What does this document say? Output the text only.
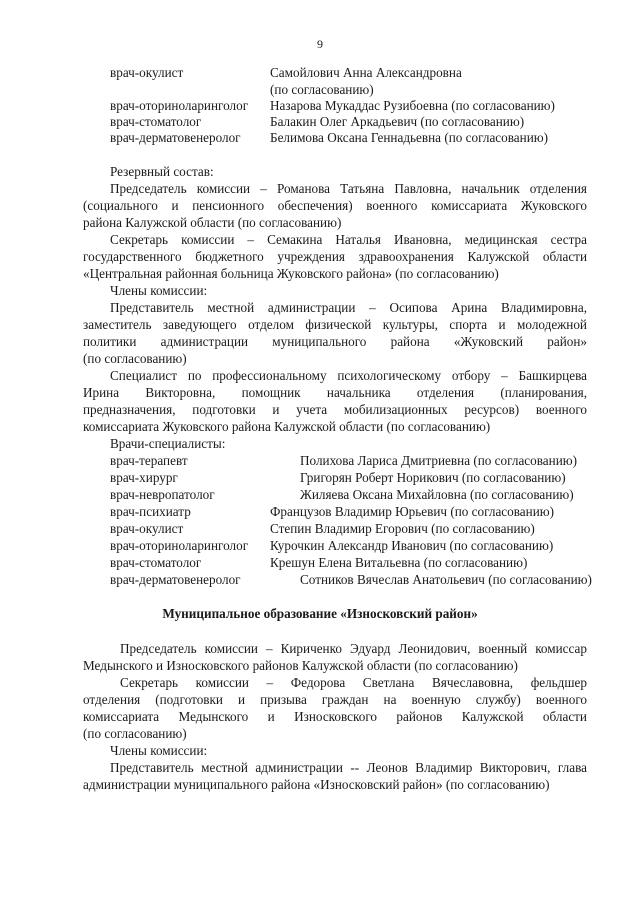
9
врач-окулист	Самойлович Анна Александровна
(по согласованию)
врач-оториноларинголог Назарова Мукаддас Рузибоевна (по согласованию)
врач-стоматолог	Балакин Олег Аркадьевич (по согласованию)
врач-дерматовенеролог Белимова Оксана Геннадьевна (по согласованию)
Резервный состав:
Председатель комиссии – Романова Татьяна Павловна, начальник отделения
(социального и пенсионного обеспечения) военного комиссариата Жуковского
района Калужской области (по согласованию)
Секретарь комиссии – Семакина Наталья Ивановна, медицинская сестра
государственного бюджетного учреждения здравоохранения Калужской области
«Центральная районная больница Жуковского района» (по согласованию)
Члены комиссии:
Представитель местной администрации – Осипова Арина Владимировна,
заместитель заведующего отделом физической культуры, спорта и молодежной
политики администрации муниципального района «Жуковский район»
(по согласованию)
Специалист по профессиональному психологическому отбору – Башкирцева
Ирина Викторовна, помощник начальника отделения (планирования,
предназначения, подготовки и учета мобилизационных ресурсов) военного
комиссариата Жуковского района Калужской области (по согласованию)
Врачи-специалисты:
врач-терапевт	Полихова Лариса Дмитриевна (по согласованию)
врач-хирург	Григорян Роберт Норикович (по согласованию)
врач-невропатолог	Жиляева Оксана Михайловна (по согласованию)
врач-психиатр	Французов Владимир Юрьевич (по согласованию)
врач-окулист	Степин Владимир Егорович (по согласованию)
врач-оториноларинголог Курочкин Александр Иванович (по согласованию)
врач-стоматолог	Крешун Елена Витальевна (по согласованию)
врач-дерматовенеролог	Сотников Вячеслав Анатольевич (по согласованию)
Муниципальное образование «Износковский район»
Председатель комиссии – Кириченко Эдуард Леонидович, военный комиссар
Медынского и Износковского районов Калужской области (по согласованию)
Секретарь комиссии – Федорова Светлана Вячеславовна, фельдшер
отделения (подготовки и призыва граждан на военную службу) военного
комиссариата Медынского и Износковского районов Калужской области
(по согласованию)
Члены комиссии:
Представитель местной администрации -- Леонов Владимир Викторович, глава
администрации муниципального района «Износковский район» (по согласованию)
